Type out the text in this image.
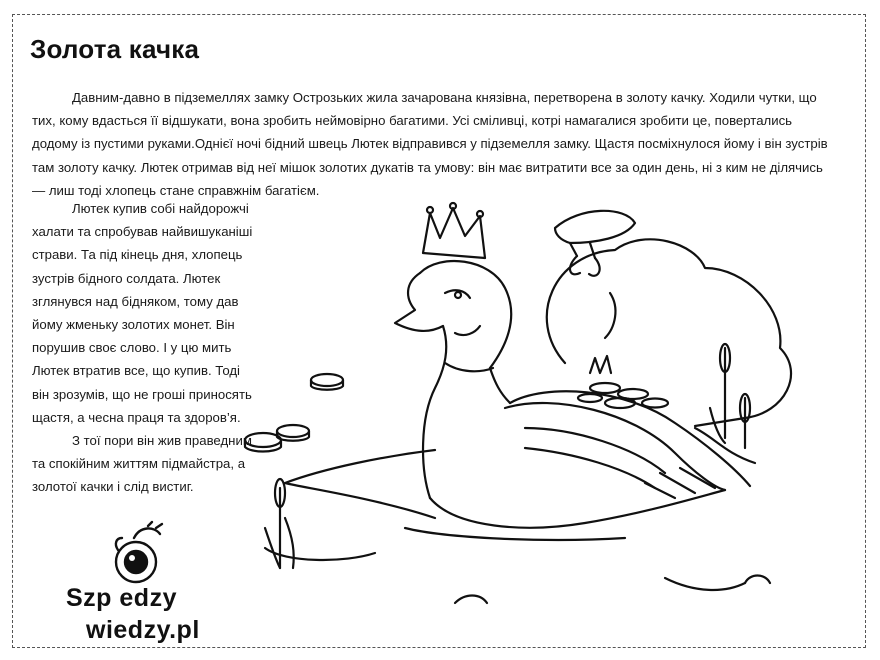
Золота качка

Давним-давно в підземеллях замку Острозьких жила зачарована князівна, перетворена в золоту качку. Ходили чутки, що тих, кому вдасться її відшукати, вона зробить неймовірно багатими. Усі сміливці, котрі намагалися зробити це, повертались додому із пустими руками.Однієї ночі бідний швець Лютек відправився у підземелля замку. Щастя посміхнулося йому і він зустрів там золоту качку. Лютек отримав від неї мішок золотих дукатів та умову: він має витратити все за один день, ні з ким не ділячись — лиш тоді хлопець стане справжнім багатієм.

Лютек купив собі найдорожчі халати та спробував найвишуканіші страви. Та під кінець дня, хлопець зустрів бідного солдата. Лютек зглянувся над бідняком, тому дав йому жменьку золотих монет. Він порушив своє слово. І у цю мить Лютек втратив все, що купив. Тоді він зрозумів, що не гроші приносять щастя, а чесна праця та здоров’я.

З тої пори він жив праведним та спокійним життям підмайстра, а золотої качки і слід вистиг.

Szp edzy
wiedzy.pl
